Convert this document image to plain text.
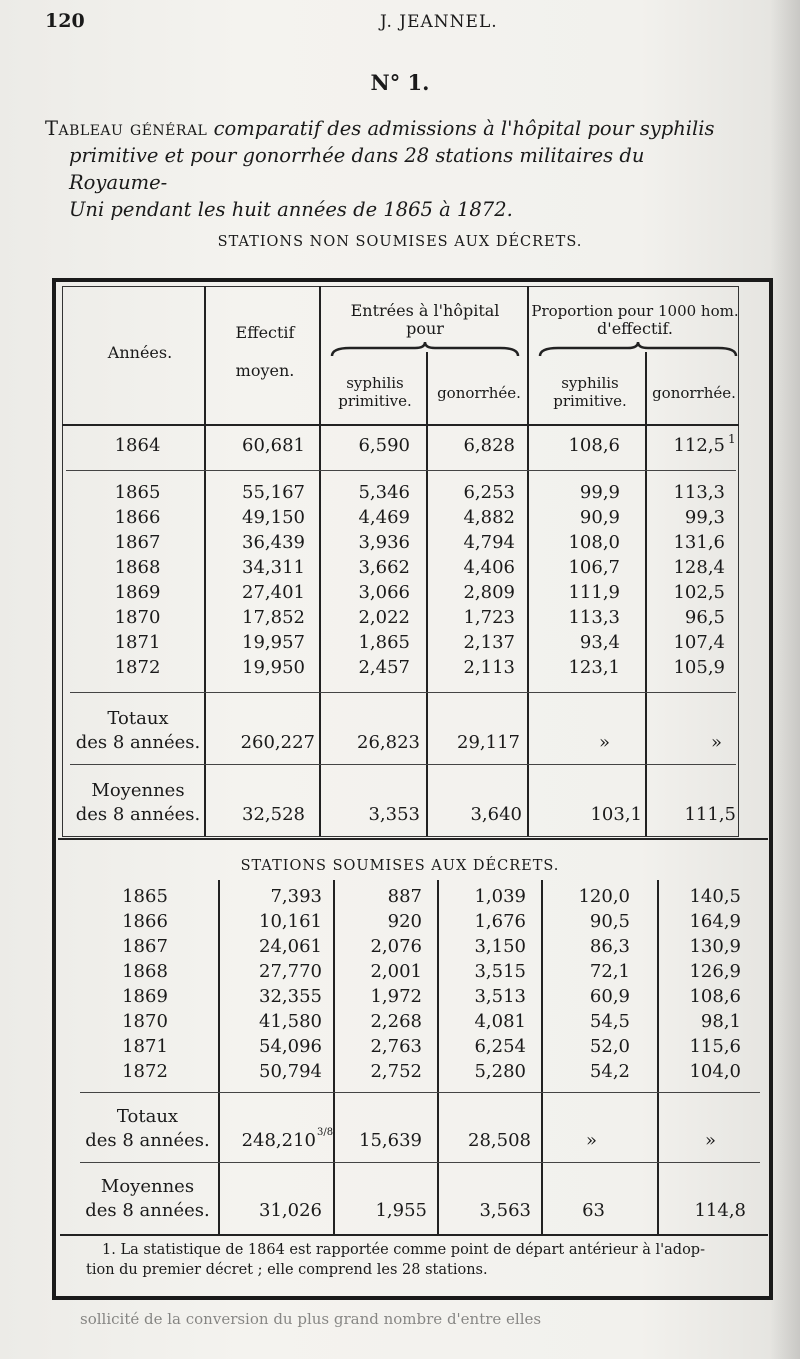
120	J. JEANNEL.
N° 1.
Tableau général comparatif des admissions à l'hôpital pour syphilis
primitive et pour gonorrhée dans 28 stations militaires du Royaume-
Uni pendant les huit années de 1865 à 1872.
STATIONS NON SOUMISES AUX DÉCRETS.
Années.
Effectif
moyen.
Entrées à l'hôpital
pour
Proportion pour 1000 hom.
d'effectif.
syphilis
primitive.	gonorrhée.
syphilis
primitive.	gonorrhée.
1864	60,681	6,590	6,828	108,6	112,5 1
1865	55,167	5,346	6,253	99,9	113,3
1866	49,150	4,469	4,882	90,9	99,3
1867	36,439	3,936	4,794	108,0	131,6
1868	34,311	3,662	4,406	106,7	128,4
1869	27,401	3,066	2,809	111,9	102,5
1870	17,852	2,022	1,723	113,3	96,5
1871	19,957	1,865	2,137	93,4	107,4
1872	19,950	2,457	2,113	123,1	105,9
Totaux
des 8 années.	260,227	26,823	29,117	»	»
Moyennes
des 8 années.	32,528	3,353	3,640	103,1	111,5
STATIONS SOUMISES AUX DÉCRETS.
1865	7,393	887	1,039	120,0	140,5
1866	10,161	920	1,676	90,5	164,9
1867	24,061	2,076	3,150	86,3	130,9
1868	27,770	2,001	3,515	72,1	126,9
1869	32,355	1,972	3,513	60,9	108,6
1870	41,580	2,268	4,081	54,5	98,1
1871	54,096	2,763	6,254	52,0	115,6
1872	50,794	2,752	5,280	54,2	104,0
Totaux
des 8 années.	248,210 3/8	15,639	28,508	»	»
Moyennes
des 8 années.	31,026	1,955	3,563	63	114,8
1. La statistique de 1864 est rapportée comme point de départ antérieur à l'adop-
tion du premier décret ; elle comprend les 28 stations.
sollicité de la conversion du plus grand nombre d'entre elles
